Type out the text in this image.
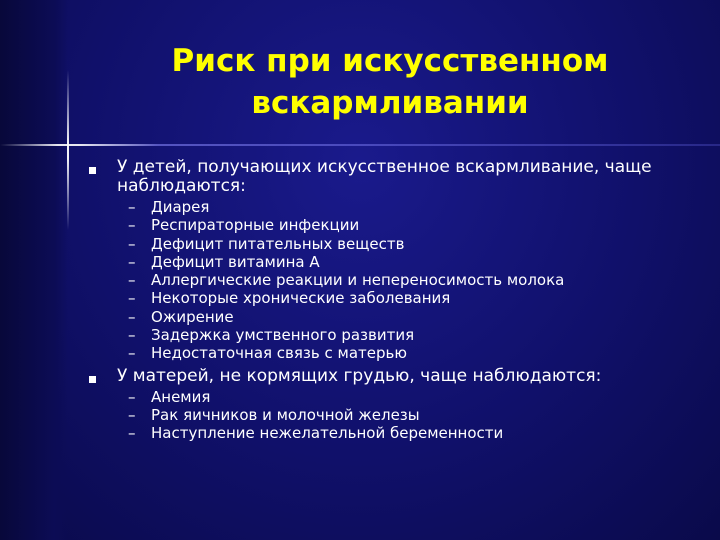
Риск при искусственном
вскармливании
У детей, получающих искусственное вскармливание, чаще
наблюдаются:
– Диарея
– Респираторные инфекции
– Дефицит питательных веществ
– Дефицит витамина А
– Аллергические реакции и непереносимость молока
– Некоторые хронические заболевания
– Ожирение
– Задержка умственного развития
– Недостаточная связь с матерью
У матерей, не кормящих грудью, чаще наблюдаются:
– Анемия
– Рак яичников и молочной железы
– Наступление нежелательной беременности
